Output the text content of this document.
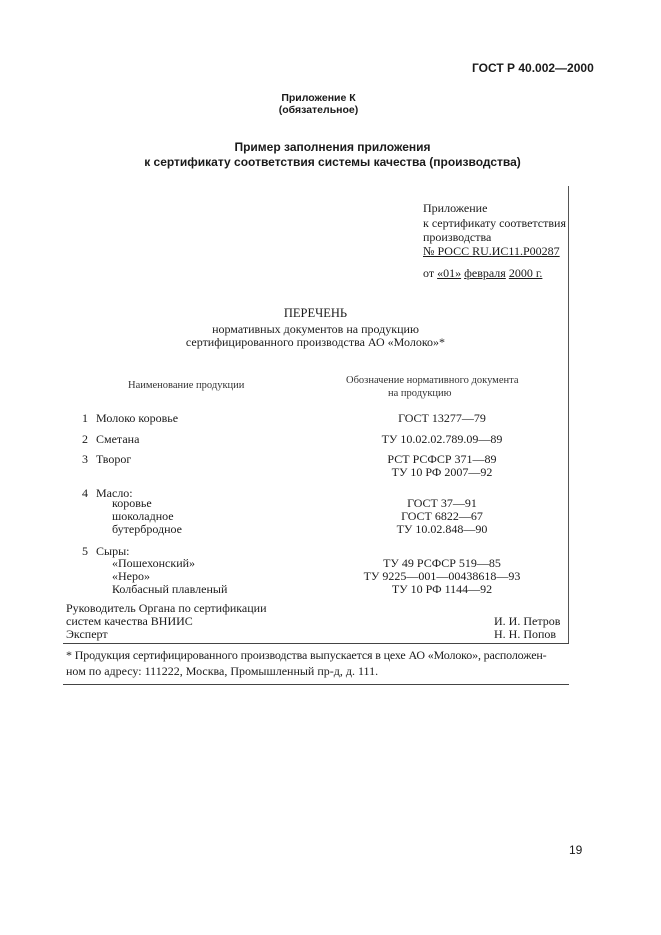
ГОСТ Р 40.002—2000
Приложение К
(обязательное)
Пример заполнения приложения
к сертификату соответствия системы качества (производства)
Приложение
к сертификату соответствия
производства
№ РОСС RU.ИС11.Р00287
от «01» февраля 2000 г.
ПЕРЕЧЕНЬ
нормативных документов на продукцию
сертифицированного производства АО «Молоко»*
Наименование продукции	Обозначение нормативного документа
на продукцию
1 Молоко коровье	ГОСТ 13277—79
2 Сметана	ТУ 10.02.02.789.09—89
3 Творог	РСТ РСФСР 371—89
ТУ 10 РФ 2007—92
4 Масло:
коровье	ГОСТ 37—91
шоколадное	ГОСТ 6822—67
бутербродное	ТУ 10.02.848—90
5 Сыры:
«Пошехонский»	ТУ 49 РСФСР 519—85
«Неро»	ТУ 9225—001—00438618—93
Колбасный плавленый	ТУ 10 РФ 1144—92
Руководитель Органа по сертификации
систем качества ВНИИС	И. И. Петров
Эксперт	Н. Н. Попов
* Продукция сертифицированного производства выпускается в цехе АО «Молоко», расположен-
ном по адресу: 111222, Москва, Промышленный пр-д, д. 111.
19
